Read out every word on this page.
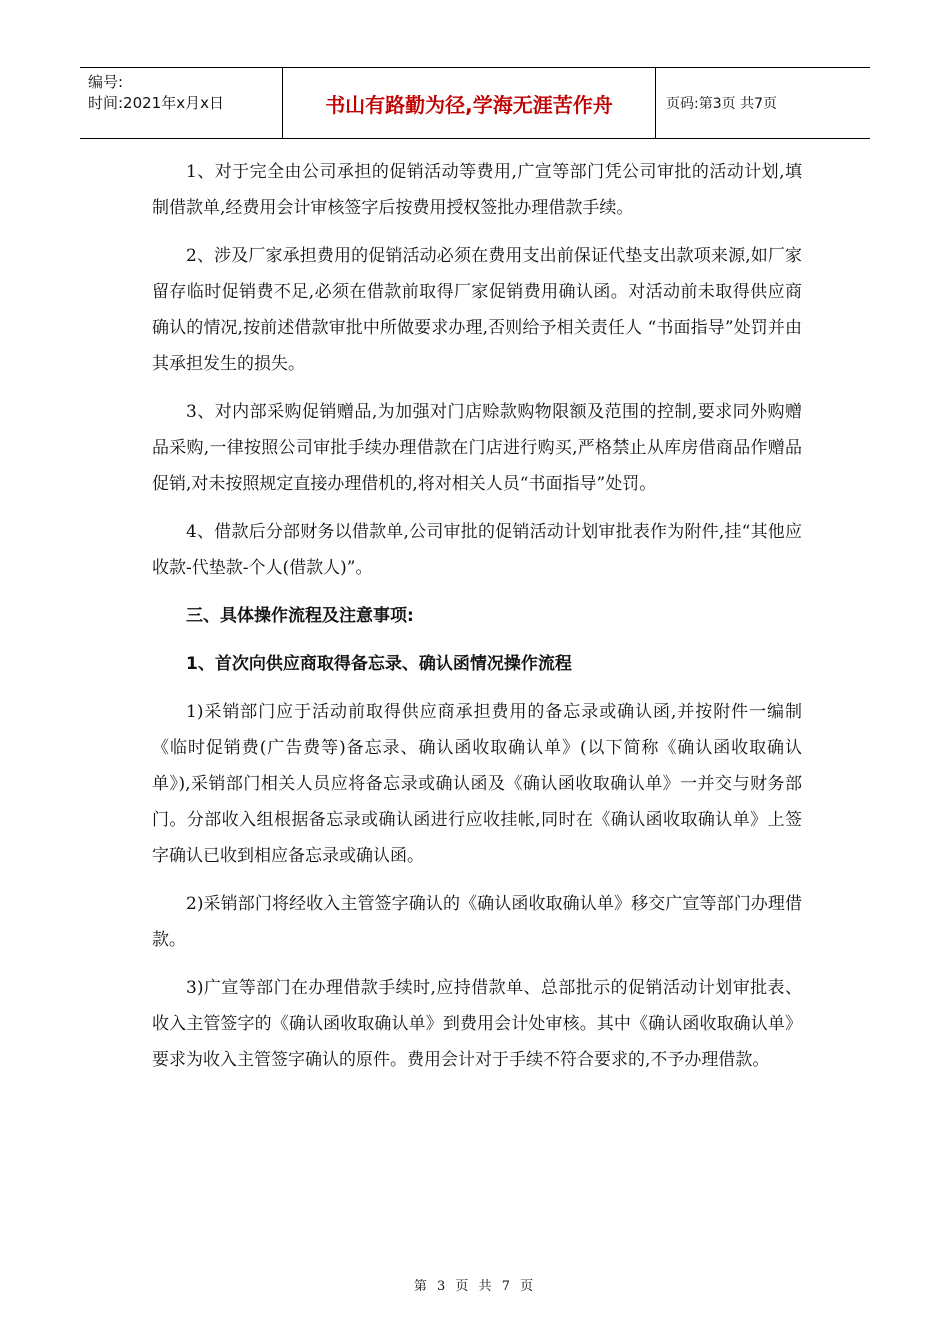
编号:
时间:2021年x月x日	书山有路勤为径,学海无涯苦作舟	页码:第3页 共7页

1、对于完全由公司承担的促销活动等费用,广宣等部门凭公司审批的活动计划,填制借款单,经费用会计审核签字后按费用授权签批办理借款手续。

2、涉及厂家承担费用的促销活动必须在费用支出前保证代垫支出款项来源,如厂家留存临时促销费不足,必须在借款前取得厂家促销费用确认函。对活动前未取得供应商确认的情况,按前述借款审批中所做要求办理,否则给予相关责任人 “书面指导”处罚并由其承担发生的损失。

3、对内部采购促销赠品,为加强对门店赊款购物限额及范围的控制,要求同外购赠品采购,一律按照公司审批手续办理借款在门店进行购买,严格禁止从库房借商品作赠品促销,对未按照规定直接办理借机的,将对相关人员“书面指导”处罚。

4、借款后分部财务以借款单,公司审批的促销活动计划审批表作为附件,挂“其他应收款-代垫款-个人(借款人)”。

三、具体操作流程及注意事项:

1、首次向供应商取得备忘录、确认函情况操作流程

1)采销部门应于活动前取得供应商承担费用的备忘录或确认函,并按附件一编制《临时促销费(广告费等)备忘录、确认函收取确认单》(以下简称《确认函收取确认单》),采销部门相关人员应将备忘录或确认函及《确认函收取确认单》一并交与财务部门。分部收入组根据备忘录或确认函进行应收挂帐,同时在《确认函收取确认单》上签字确认已收到相应备忘录或确认函。

2)采销部门将经收入主管签字确认的《确认函收取确认单》移交广宣等部门办理借款。

3)广宣等部门在办理借款手续时,应持借款单、总部批示的促销活动计划审批表、收入主管签字的《确认函收取确认单》到费用会计处审核。其中《确认函收取确认单》要求为收入主管签字确认的原件。费用会计对于手续不符合要求的,不予办理借款。

第 3 页 共 7 页
